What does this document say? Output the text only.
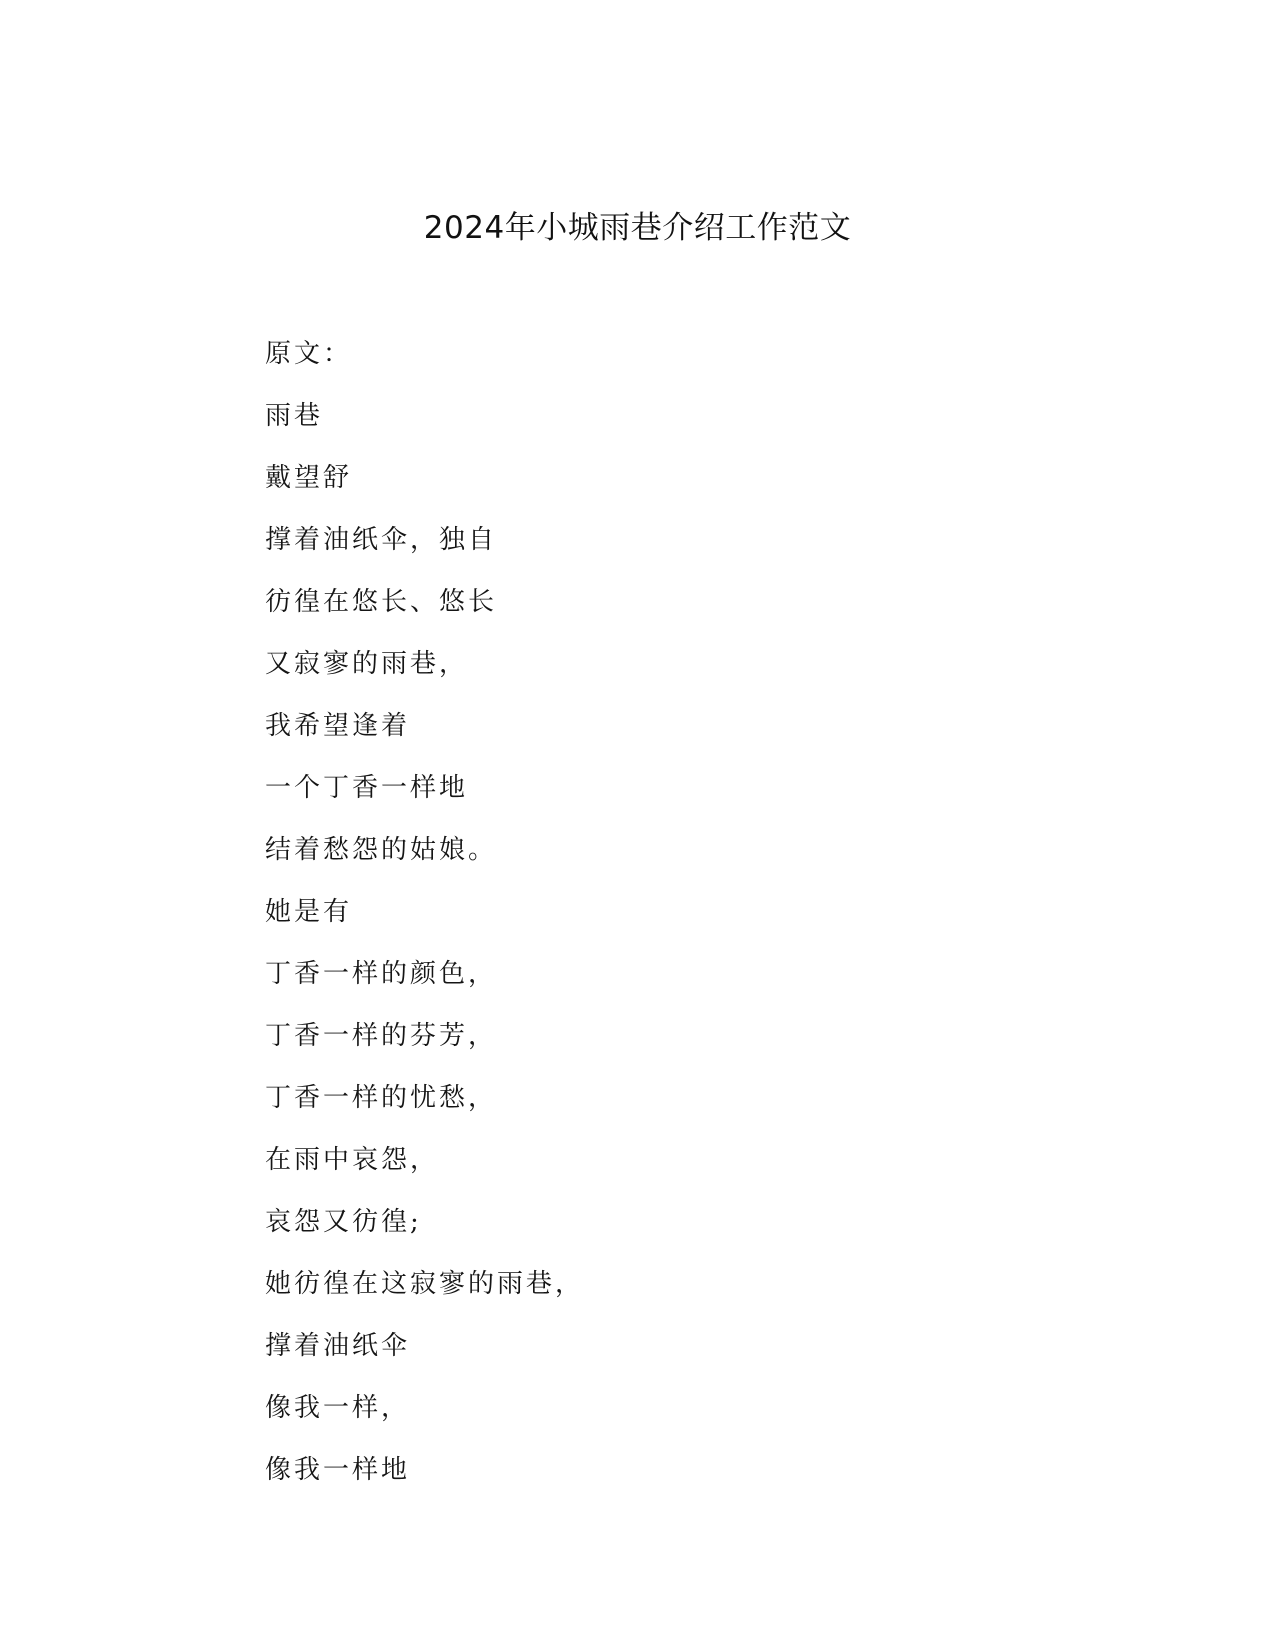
2024年小城雨巷介绍工作范文
原文：
雨巷
戴望舒
撑着油纸伞，独自
彷徨在悠长、悠长
又寂寥的雨巷，
我希望逢着
一个丁香一样地
结着愁怨的姑娘。
她是有
丁香一样的颜色，
丁香一样的芬芳，
丁香一样的忧愁，
在雨中哀怨，
哀怨又彷徨;
她彷徨在这寂寥的雨巷，
撑着油纸伞
像我一样，
像我一样地
